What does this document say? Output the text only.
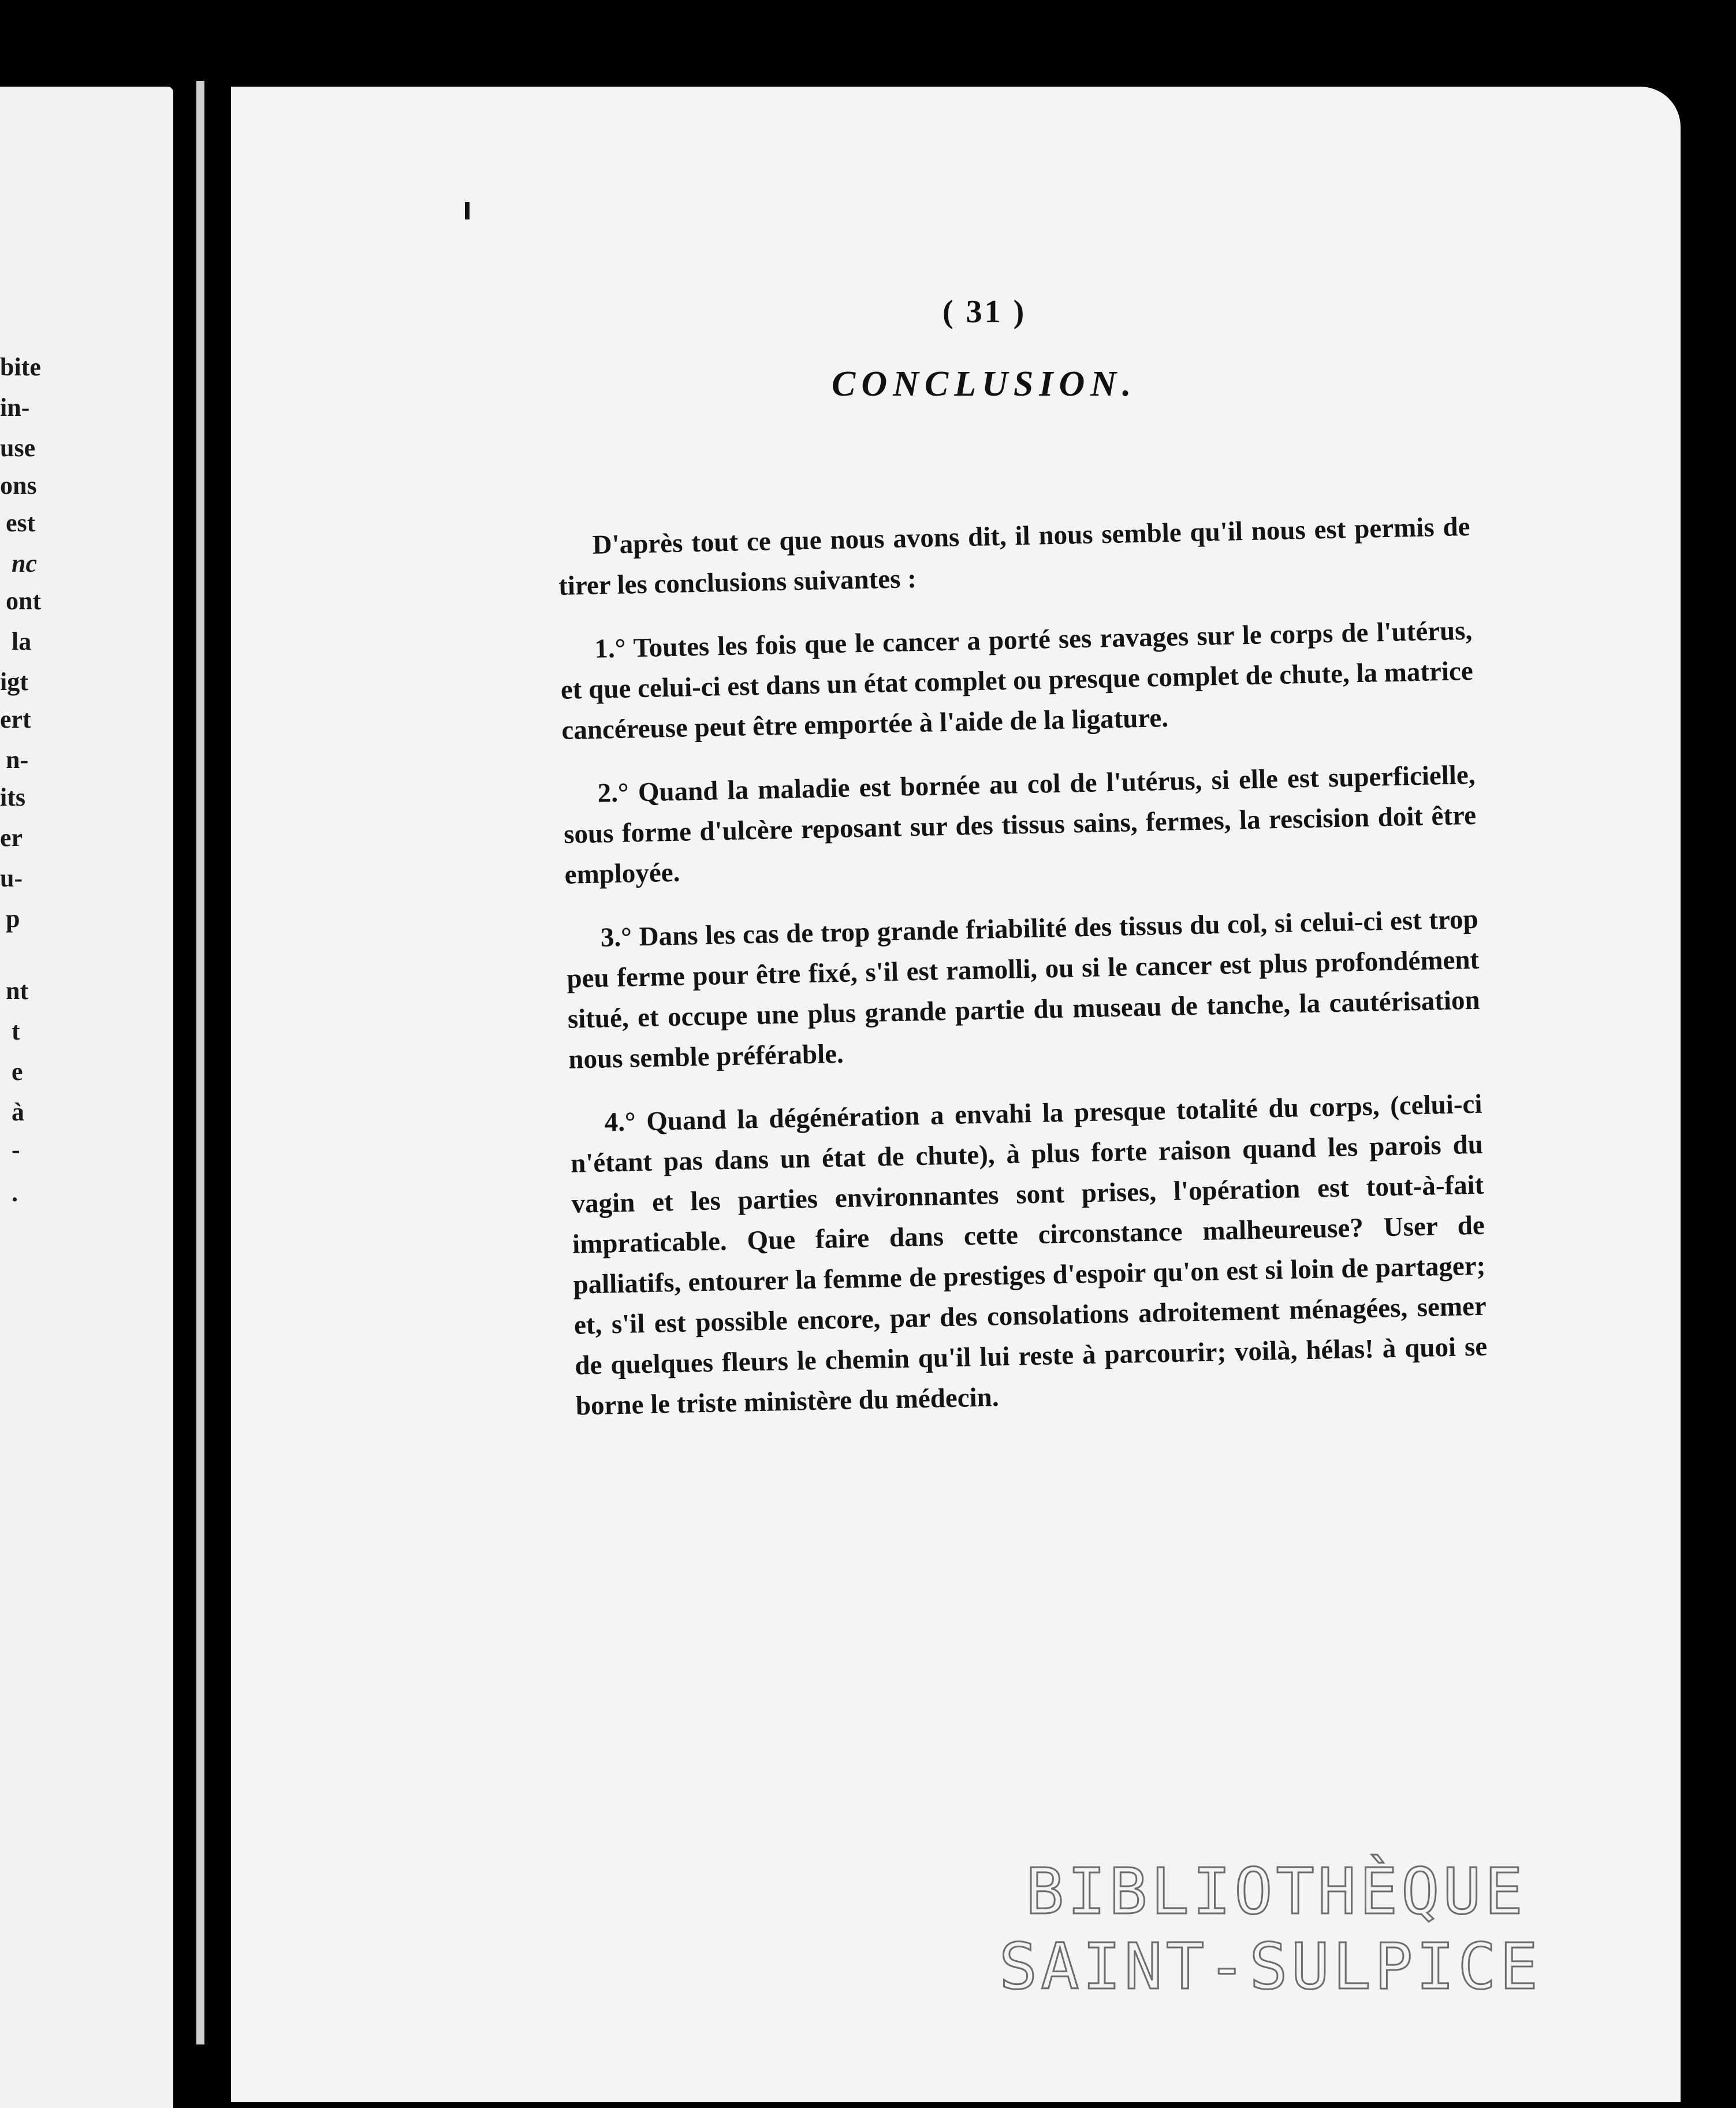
bite
in-
use
ons
est
nc
ont
la
igt
ert
n-
its
er
u-
p
nt
t
e
à
-
.
( 31 )
CONCLUSION.

D'après tout ce que nous avons dit, il nous semble qu'il nous est permis de tirer les conclusions suivantes :

1.° Toutes les fois que le cancer a porté ses ravages sur le corps de l'utérus, et que celui-ci est dans un état complet ou presque complet de chute, la matrice cancéreuse peut être emportée à l'aide de la ligature.

2.° Quand la maladie est bornée au col de l'utérus, si elle est superficielle, sous forme d'ulcère reposant sur des tissus sains, fermes, la rescision doit être employée.

3.° Dans les cas de trop grande friabilité des tissus du col, si celui-ci est trop peu ferme pour être fixé, s'il est ramolli, ou si le cancer est plus profondément situé, et occupe une plus grande partie du museau de tanche, la cautérisation nous semble préférable.

4.° Quand la dégénération a envahi la presque totalité du corps, (celui-ci n'étant pas dans un état de chute), à plus forte raison quand les parois du vagin et les parties environnantes sont prises, l'opération est tout-à-fait impraticable. Que faire dans cette circonstance malheureuse? User de palliatifs, entourer la femme de prestiges d'espoir qu'on est si loin de partager; et, s'il est possible encore, par des consolations adroitement ménagées, semer de quelques fleurs le chemin qu'il lui reste à parcourir; voilà, hélas! à quoi se borne le triste ministère du médecin.

BIBLIOTHÈQUE
SAINT-SULPICE
